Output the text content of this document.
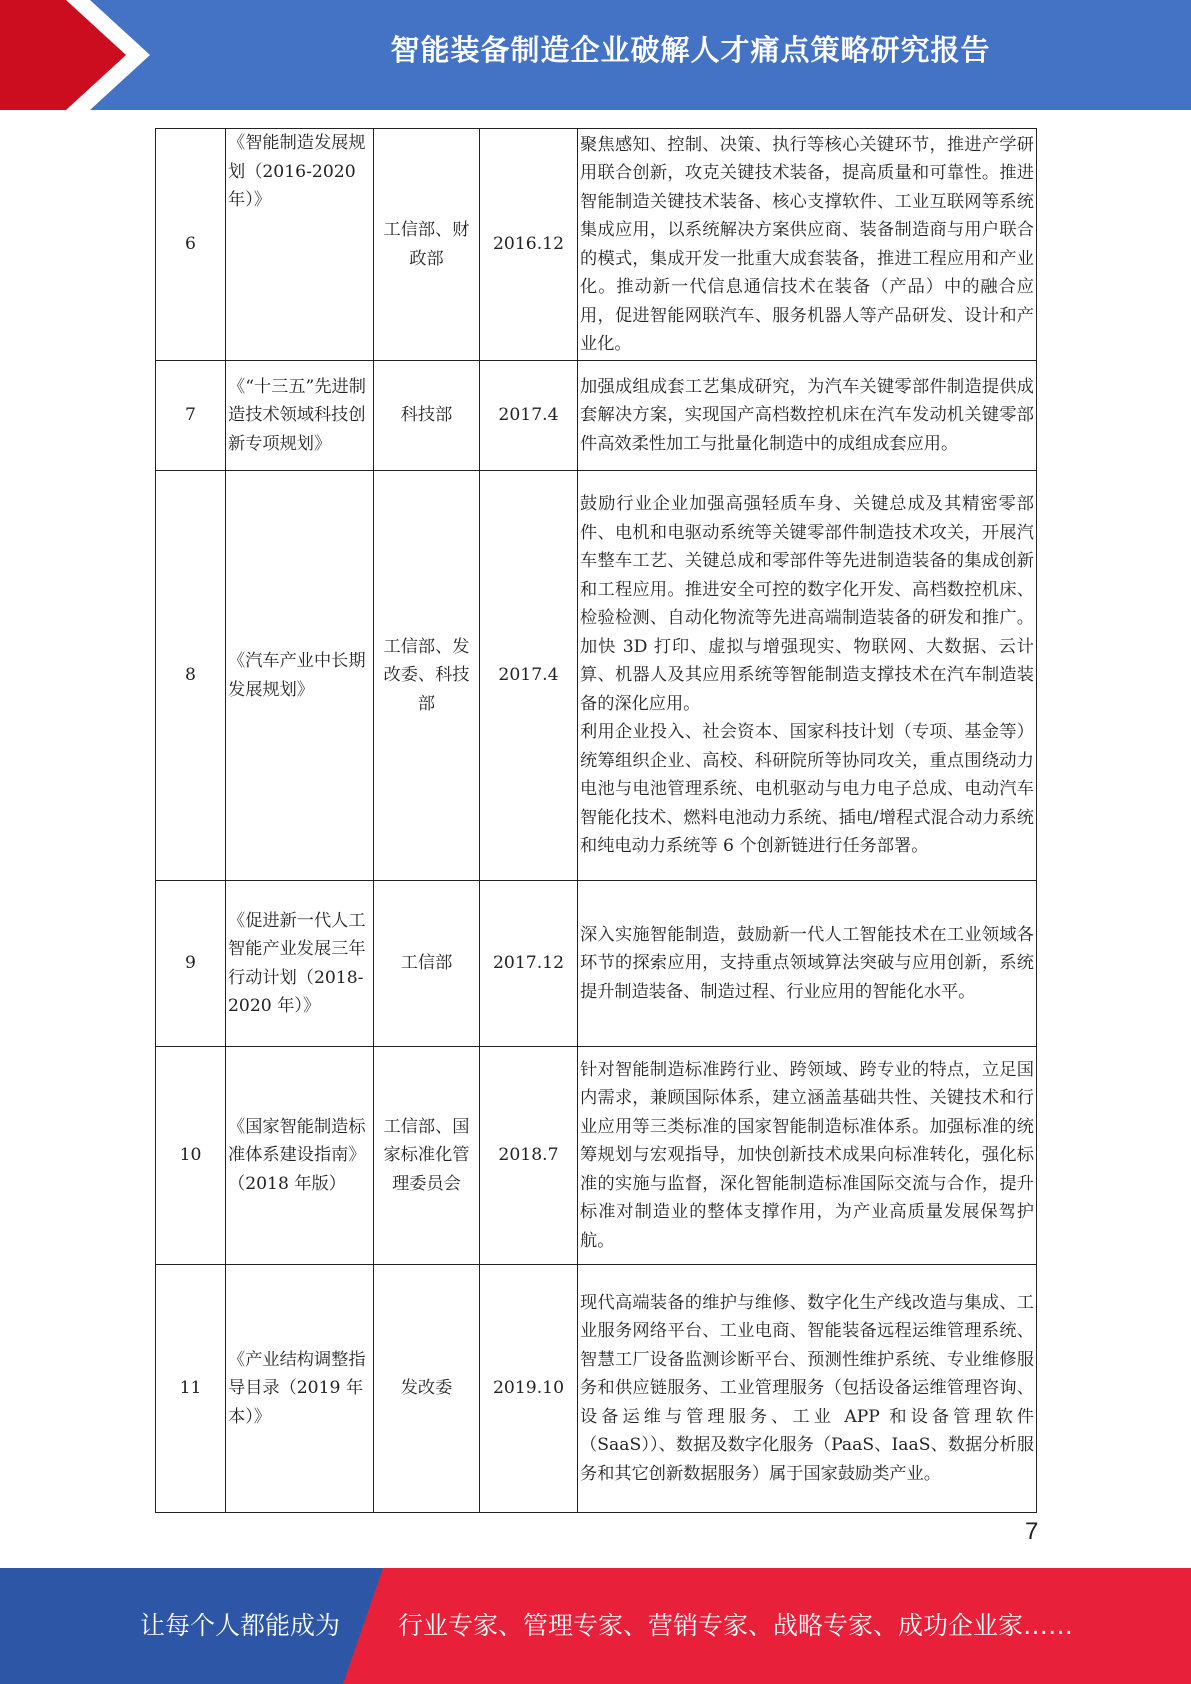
智能装备制造企业破解人才痛点策略研究报告
6	《智能制造发展规划（2016-2020 年）》	工信部、财政部	2016.12	聚焦感知、控制、决策、执行等核心关键环节，推进产学研用联合创新，攻克关键技术装备，提高质量和可靠性。推进智能制造关键技术装备、核心支撑软件、工业互联网等系统集成应用，以系统解决方案供应商、装备制造商与用户联合的模式，集成开发一批重大成套装备，推进工程应用和产业化。推动新一代信息通信技术在装备（产品）中的融合应用，促进智能网联汽车、服务机器人等产品研发、设计和产业化。

7	《“十三五”先进制造技术领域科技创新专项规划》	科技部	2017.4	加强成组成套工艺集成研究，为汽车关键零部件制造提供成套解决方案，实现国产高档数控机床在汽车发动机关键零部件高效柔性加工与批量化制造中的成组成套应用。

8	《汽车产业中长期发展规划》	工信部、发改委、科技部	2017.4	鼓励行业企业加强高强轻质车身、关键总成及其精密零部件、电机和电驱动系统等关键零部件制造技术攻关，开展汽车整车工艺、关键总成和零部件等先进制造装备的集成创新和工程应用。推进安全可控的数字化开发、高档数控机床、检验检测、自动化物流等先进高端制造装备的研发和推广。加快 3D 打印、虚拟与增强现实、物联网、大数据、云计算、机器人及其应用系统等智能制造支撑技术在汽车制造装备的深化应用。

利用企业投入、社会资本、国家科技计划（专项、基金等）统筹组织企业、高校、科研院所等协同攻关，重点围绕动力电池与电池管理系统、电机驱动与电力电子总成、电动汽车智能化技术、燃料电池动力系统、插电/增程式混合动力系统和纯电动力系统等 6 个创新链进行任务部署。

9	《促进新一代人工智能产业发展三年行动计划（2018-2020 年）》	工信部	2017.12	深入实施智能制造，鼓励新一代人工智能技术在工业领域各环节的探索应用，支持重点领域算法突破与应用创新，系统提升制造装备、制造过程、行业应用的智能化水平。

10	《国家智能制造标准体系建设指南》（2018 年版）	工信部、国家标准化管理委员会	2018.7	针对智能制造标准跨行业、跨领域、跨专业的特点，立足国内需求，兼顾国际体系，建立涵盖基础共性、关键技术和行业应用等三类标准的国家智能制造标准体系。加强标准的统筹规划与宏观指导，加快创新技术成果向标准转化，强化标准的实施与监督，深化智能制造标准国际交流与合作，提升标准对制造业的整体支撑作用，为产业高质量发展保驾护航。

11	《产业结构调整指导目录（2019 年本）》	发改委	2019.10	现代高端装备的维护与维修、数字化生产线改造与集成、工业服务网络平台、工业电商、智能装备远程运维管理系统、智慧工厂设备监测诊断平台、预测性维护系统、专业维修服务和供应链服务、工业管理服务（包括设备运维管理咨询、设备运维与管理服务、工业 APP 和设备管理软件（SaaS））、数据及数字化服务（PaaS、IaaS、数据分析服务和其它创新数据服务）属于国家鼓励类产业。

7
让每个人都能成为 行业专家、管理专家、营销专家、战略专家、成功企业家……
